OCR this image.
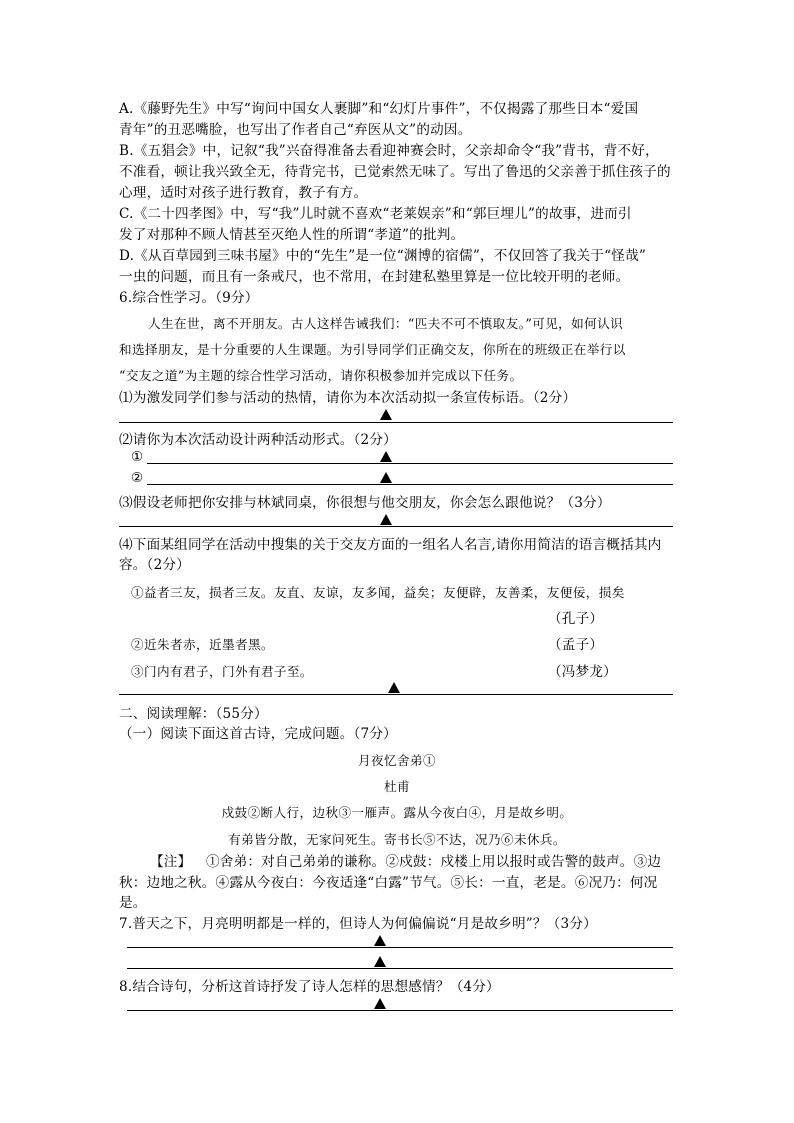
A.《藤野先生》中写“询问中国女人裹脚”和“幻灯片事件”，不仅揭露了那些日本“爱国
青年”的丑恶嘴脸，也写出了作者自己“弃医从文”的动因。
B.《五猖会》中，记叙“我”兴奋得准备去看迎神赛会时，父亲却命令“我”背书，背不好，
不准看，顿让我兴致全无，待背完书，已觉索然无味了。写出了鲁迅的父亲善于抓住孩子的
心理，适时对孩子进行教育，教子有方。
C.《二十四孝图》中，写“我”儿时就不喜欢“老莱娱亲”和“郭巨埋儿”的故事，进而引
发了对那种不顾人情甚至灭绝人性的所谓“孝道”的批判。
D.《从百草园到三味书屋》中的“先生”是一位“渊博的宿儒”，不仅回答了我关于“怪哉”
一虫的问题，而且有一条戒尺，也不常用，在封建私塾里算是一位比较开明的老师。
6.综合性学习。（9分）
人生在世，离不开朋友。古人这样告诫我们：“匹夫不可不慎取友。”可见，如何认识
和选择朋友，是十分重要的人生课题。为引导同学们正确交友，你所在的班级正在举行以
“交友之道”为主题的综合性学习活动，请你积极参加并完成以下任务。
⑴为激发同学们参与活动的热情，请你为本次活动拟一条宣传标语。（2分）
⑵请你为本次活动设计两种活动形式。（2分）
①
②
⑶假设老师把你安排与林斌同桌，你很想与他交朋友，你会怎么跟他说？（3分）
⑷下面某组同学在活动中搜集的关于交友方面的一组名人名言,请你用简洁的语言概括其内
容。（2分）
①益者三友，损者三友。友直、友谅，友多闻，益矣；友便辟，友善柔，友便佞，损矣
（孔子）
②近朱者赤，近墨者黑。	（孟子）
③门内有君子，门外有君子至。	（冯梦龙）
二、阅读理解：（55分）
（一）阅读下面这首古诗，完成问题。（7分）
月夜忆舍弟①
杜甫
戍鼓②断人行，边秋③一雁声。露从今夜白④，月是故乡明。
有弟皆分散，无家问死生。寄书长⑤不达，况乃⑥未休兵。
【注】 ①舍弟：对自己弟弟的谦称。②戍鼓：戍楼上用以报时或告警的鼓声。③边
秋：边地之秋。④露从今夜白：今夜适逢“白露”节气。⑤长：一直，老是。⑥况乃：何况
是。
7.普天之下，月亮明明都是一样的，但诗人为何偏偏说“月是故乡明”？（3分）
8.结合诗句，分析这首诗抒发了诗人怎样的思想感情？（4分）
